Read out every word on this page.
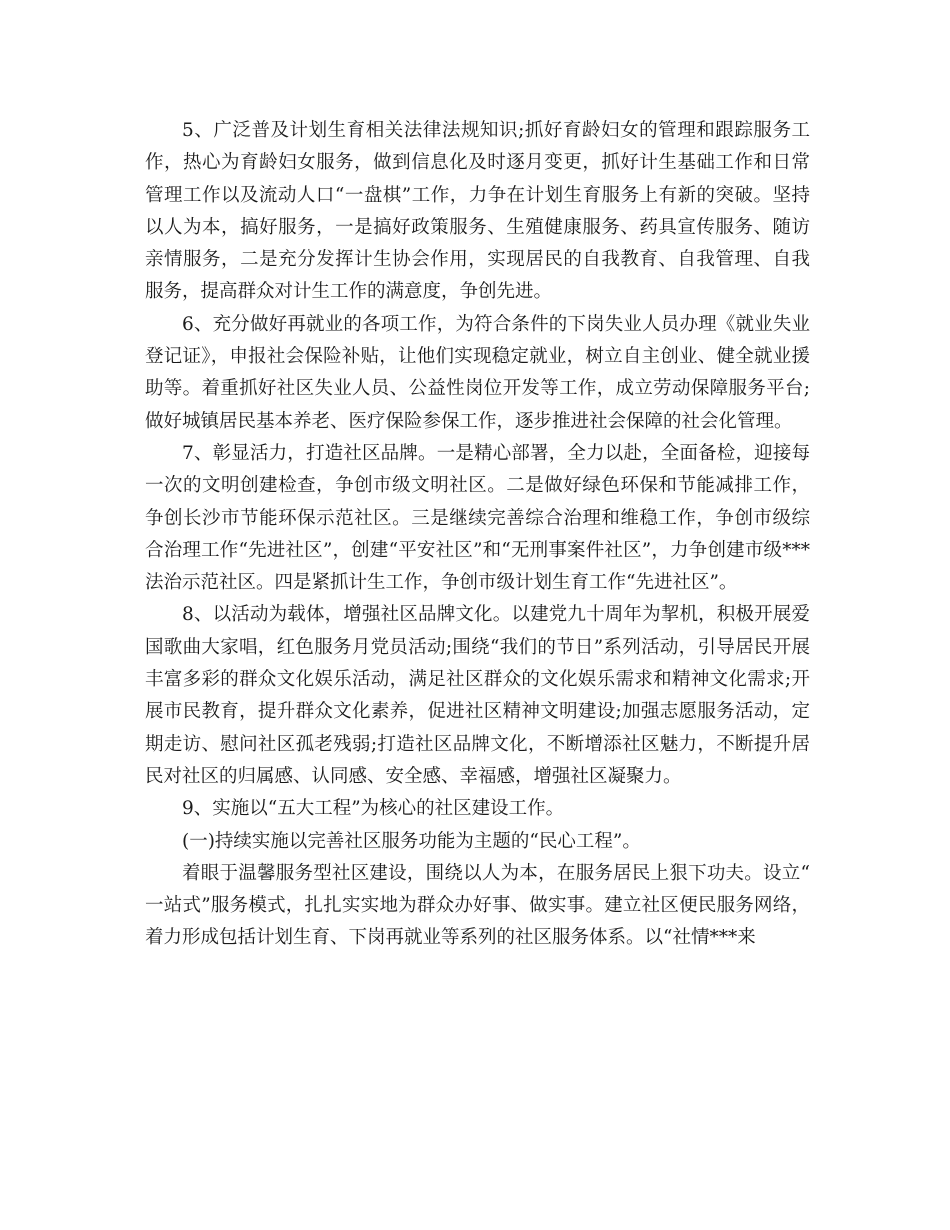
5、广泛普及计划生育相关法律法规知识;抓好育龄妇女的管理和跟踪服务工作，热心为育龄妇女服务，做到信息化及时逐月变更，抓好计生基础工作和日常管理工作以及流动人口“一盘棋”工作，力争在计划生育服务上有新的突破。坚持以人为本，搞好服务，一是搞好政策服务、生殖健康服务、药具宣传服务、随访亲情服务，二是充分发挥计生协会作用，实现居民的自我教育、自我管理、自我服务，提高群众对计生工作的满意度，争创先进。

6、充分做好再就业的各项工作，为符合条件的下岗失业人员办理《就业失业登记证》，申报社会保险补贴，让他们实现稳定就业，树立自主创业、健全就业援助等。着重抓好社区失业人员、公益性岗位开发等工作，成立劳动保障服务平台;做好城镇居民基本养老、医疗保险参保工作，逐步推进社会保障的社会化管理。

7、彰显活力，打造社区品牌。一是精心部署，全力以赴，全面备检，迎接每一次的文明创建检查，争创市级文明社区。二是做好绿色环保和节能减排工作，争创长沙市节能环保示范社区。三是继续完善综合治理和维稳工作，争创市级综合治理工作“先进社区”，创建“平安社区”和“无刑事案件社区”，力争创建市级***法治示范社区。四是紧抓计生工作，争创市级计划生育工作“先进社区”。

8、以活动为载体，增强社区品牌文化。以建党九十周年为挈机，积极开展爱国歌曲大家唱，红色服务月党员活动;围绕“我们的节日”系列活动，引导居民开展丰富多彩的群众文化娱乐活动，满足社区群众的文化娱乐需求和精神文化需求;开展市民教育，提升群众文化素养，促进社区精神文明建设;加强志愿服务活动，定期走访、慰问社区孤老残弱;打造社区品牌文化，不断增添社区魅力，不断提升居民对社区的归属感、认同感、安全感、幸福感，增强社区凝聚力。

9、实施以“五大工程”为核心的社区建设工作。

(一)持续实施以完善社区服务功能为主题的“民心工程”。

着眼于温馨服务型社区建设，围绕以人为本，在服务居民上狠下功夫。设立“一站式”服务模式，扎扎实实地为群众办好事、做实事。建立社区便民服务网络，着力形成包括计划生育、下岗再就业等系列的社区服务体系。以“社情***来
